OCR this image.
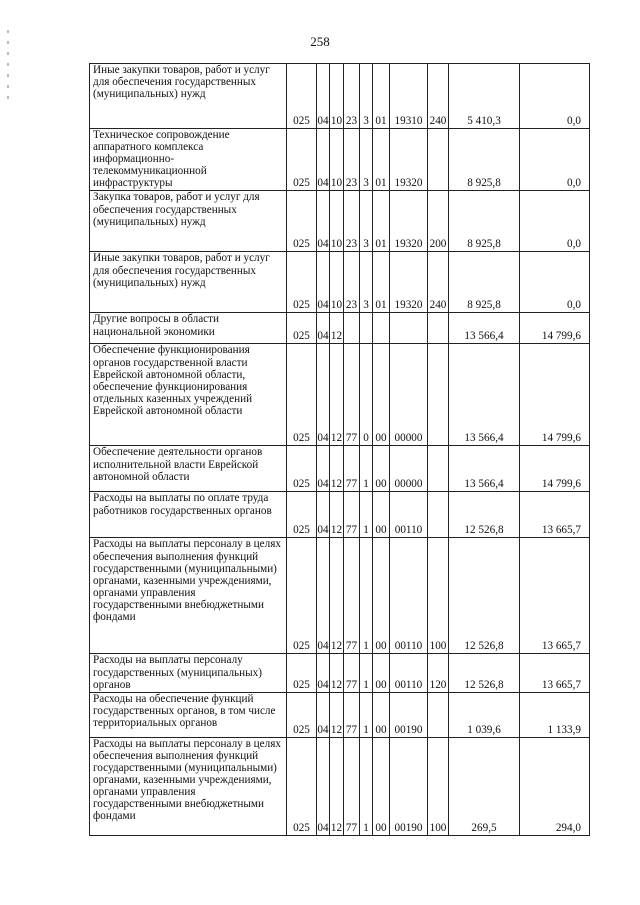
258
Иные закупки товаров, работ и услуг для обеспечения государственных (муниципальных) нужд	025	04	10	23	3	01	19310	240	5 410,3	0,0

Техническое сопровождение аппаратного комплекса информационно-телекоммуникационной инфраструктуры	025	04	10	23	3	01	19320		8 925,8	0,0

Закупка товаров, работ и услуг для обеспечения государственных (муниципальных) нужд	025	04	10	23	3	01	19320	200	8 925,8	0,0

Иные закупки товаров, работ и услуг для обеспечения государственных (муниципальных) нужд	025	04	10	23	3	01	19320	240	8 925,8	0,0

Другие вопросы в области национальной экономики	025	04	12						13 566,4	14 799,6

Обеспечение функционирования органов государственной власти Еврейской автономной области, обеспечение функционирования отдельных казенных учреждений Еврейской автономной области	025	04	12	77	0	00	00000		13 566,4	14 799,6

Обеспечение деятельности органов исполнительной власти Еврейской автономной области	025	04	12	77	1	00	00000		13 566,4	14 799,6

Расходы на выплаты по оплате труда работников государственных органов	025	04	12	77	1	00	00110		12 526,8	13 665,7

Расходы на выплаты персоналу в целях обеспечения выполнения функций государственными (муниципальными) органами, казенными учреждениями, органами управления государственными внебюджетными фондами	025	04	12	77	1	00	00110	100	12 526,8	13 665,7

Расходы на выплаты персоналу государственных (муниципальных) органов	025	04	12	77	1	00	00110	120	12 526,8	13 665,7

Расходы на обеспечение функций государственных органов, в том числе территориальных органов	025	04	12	77	1	00	00190		1 039,6	1 133,9

Расходы на выплаты персоналу в целях обеспечения выполнения функций государственными (муниципальными) органами, казенными учреждениями, органами управления государственными внебюджетными фондами	025	04	12	77	1	00	00190	100	269,5	294,0
